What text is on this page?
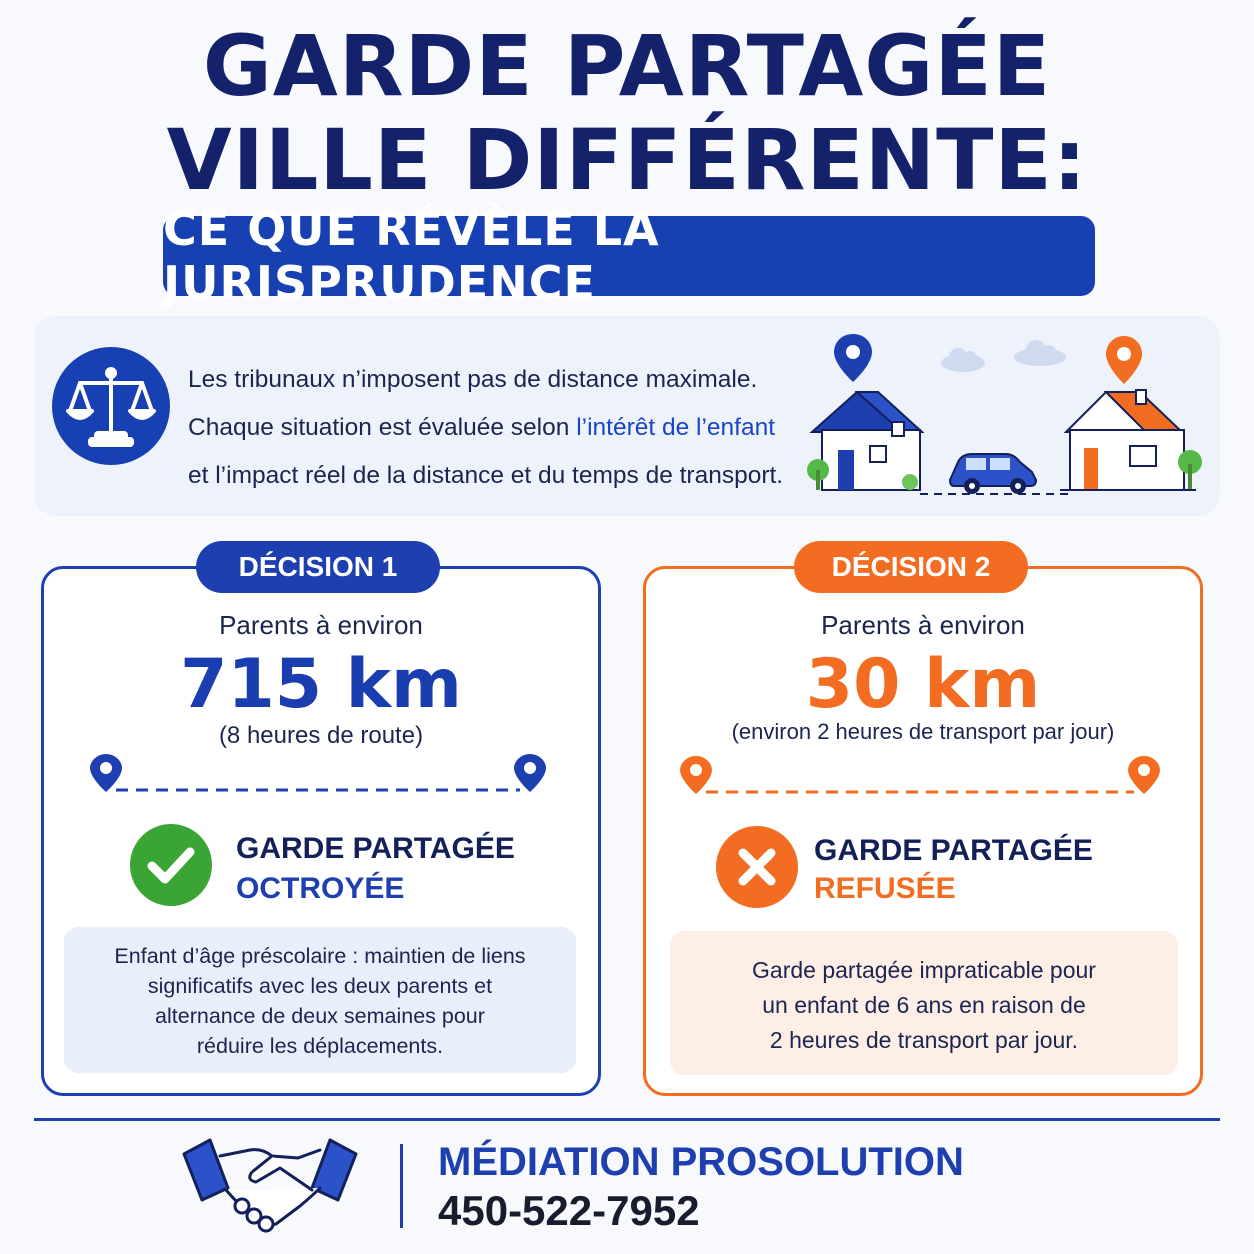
GARDE PARTAGÉE
VILLE DIFFÉRENTE:
CE QUE RÉVÈLE LA JURISPRUDENCE
Les tribunaux n’imposent pas de distance maximale.
Chaque situation est évaluée selon l’intérêt de l’enfant
et l’impact réel de la distance et du temps de transport.
DÉCISION 1
Parents à environ
715 km
(8 heures de route)
GARDE PARTAGÉE
OCTROYÉE
Enfant d’âge préscolaire : maintien de liens
significatifs avec les deux parents et
alternance de deux semaines pour
réduire les déplacements.
DÉCISION 2
Parents à environ
30 km
(environ 2 heures de transport par jour)
GARDE PARTAGÉE
REFUSÉE
Garde partagée impraticable pour
un enfant de 6 ans en raison de
2 heures de transport par jour.
MÉDIATION PROSOLUTION
450-522-7952
